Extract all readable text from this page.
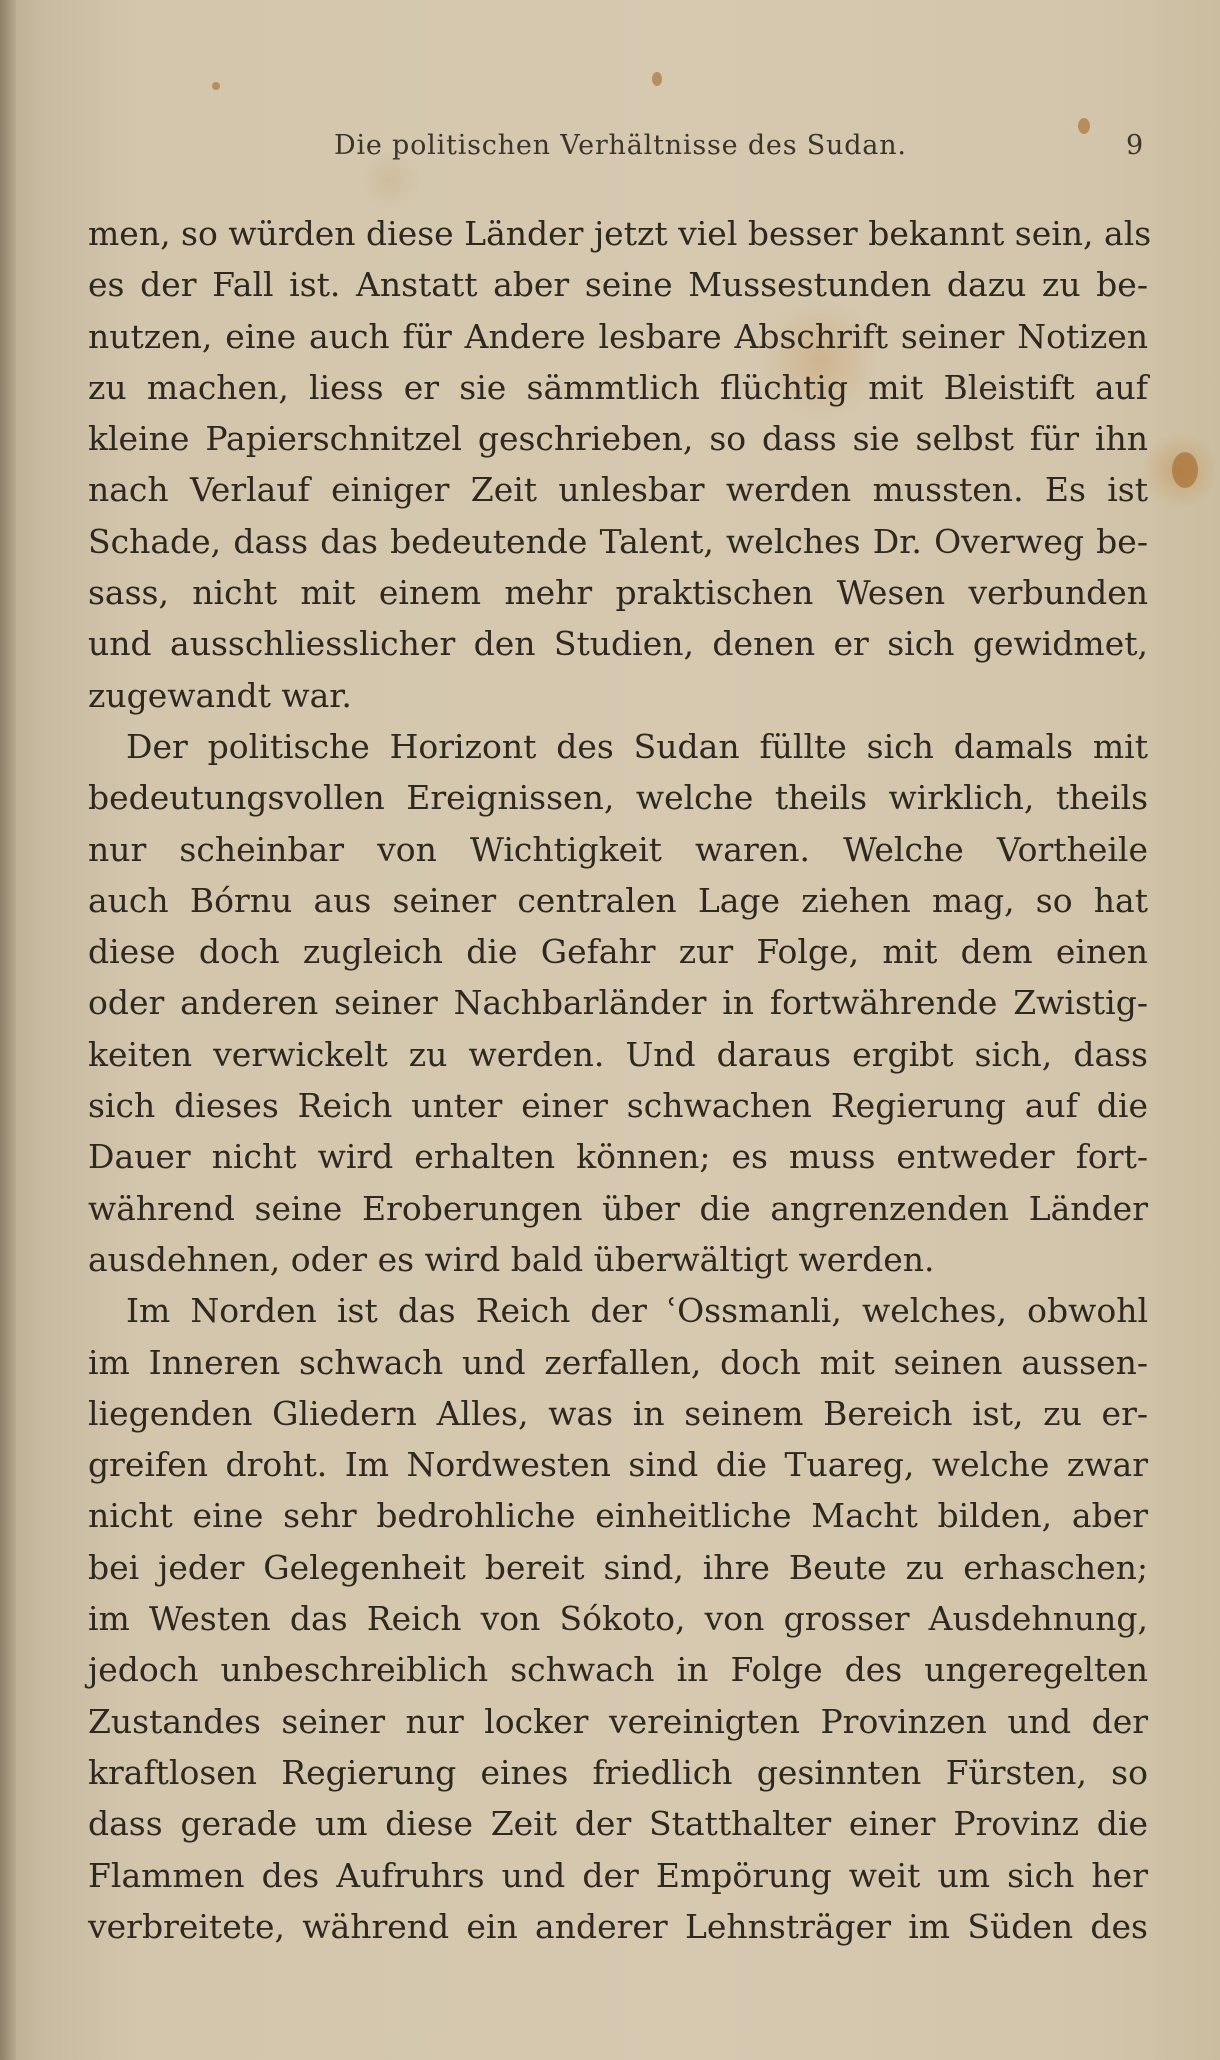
Die politischen Verhältnisse des Sudan.	9
men, so würden diese Länder jetzt viel besser bekannt sein, als
es der Fall ist. Anstatt aber seine Mussestunden dazu zu be-
nutzen, eine auch für Andere lesbare Abschrift seiner Notizen
zu machen, liess er sie sämmtlich flüchtig mit Bleistift auf
kleine Papierschnitzel geschrieben, so dass sie selbst für ihn
nach Verlauf einiger Zeit unlesbar werden mussten. Es ist
Schade, dass das bedeutende Talent, welches Dr. Overweg be-
sass, nicht mit einem mehr praktischen Wesen verbunden
und ausschliesslicher den Studien, denen er sich gewidmet,
zugewandt war.
Der politische Horizont des Sudan füllte sich damals mit
bedeutungsvollen Ereignissen, welche theils wirklich, theils
nur scheinbar von Wichtigkeit waren. Welche Vortheile
auch Bórnu aus seiner centralen Lage ziehen mag, so hat
diese doch zugleich die Gefahr zur Folge, mit dem einen
oder anderen seiner Nachbarländer in fortwährende Zwistig-
keiten verwickelt zu werden. Und daraus ergibt sich, dass
sich dieses Reich unter einer schwachen Regierung auf die
Dauer nicht wird erhalten können; es muss entweder fort-
während seine Eroberungen über die angrenzenden Länder
ausdehnen, oder es wird bald überwältigt werden.
Im Norden ist das Reich der ʿOssmanli, welches, obwohl
im Inneren schwach und zerfallen, doch mit seinen aussen-
liegenden Gliedern Alles, was in seinem Bereich ist, zu er-
greifen droht. Im Nordwesten sind die Tuareg, welche zwar
nicht eine sehr bedrohliche einheitliche Macht bilden, aber
bei jeder Gelegenheit bereit sind, ihre Beute zu erhaschen;
im Westen das Reich von Sókoto, von grosser Ausdehnung,
jedoch unbeschreiblich schwach in Folge des ungeregelten
Zustandes seiner nur locker vereinigten Provinzen und der
kraftlosen Regierung eines friedlich gesinnten Fürsten, so
dass gerade um diese Zeit der Statthalter einer Provinz die
Flammen des Aufruhrs und der Empörung weit um sich her
verbreitete, während ein anderer Lehnsträger im Süden des
